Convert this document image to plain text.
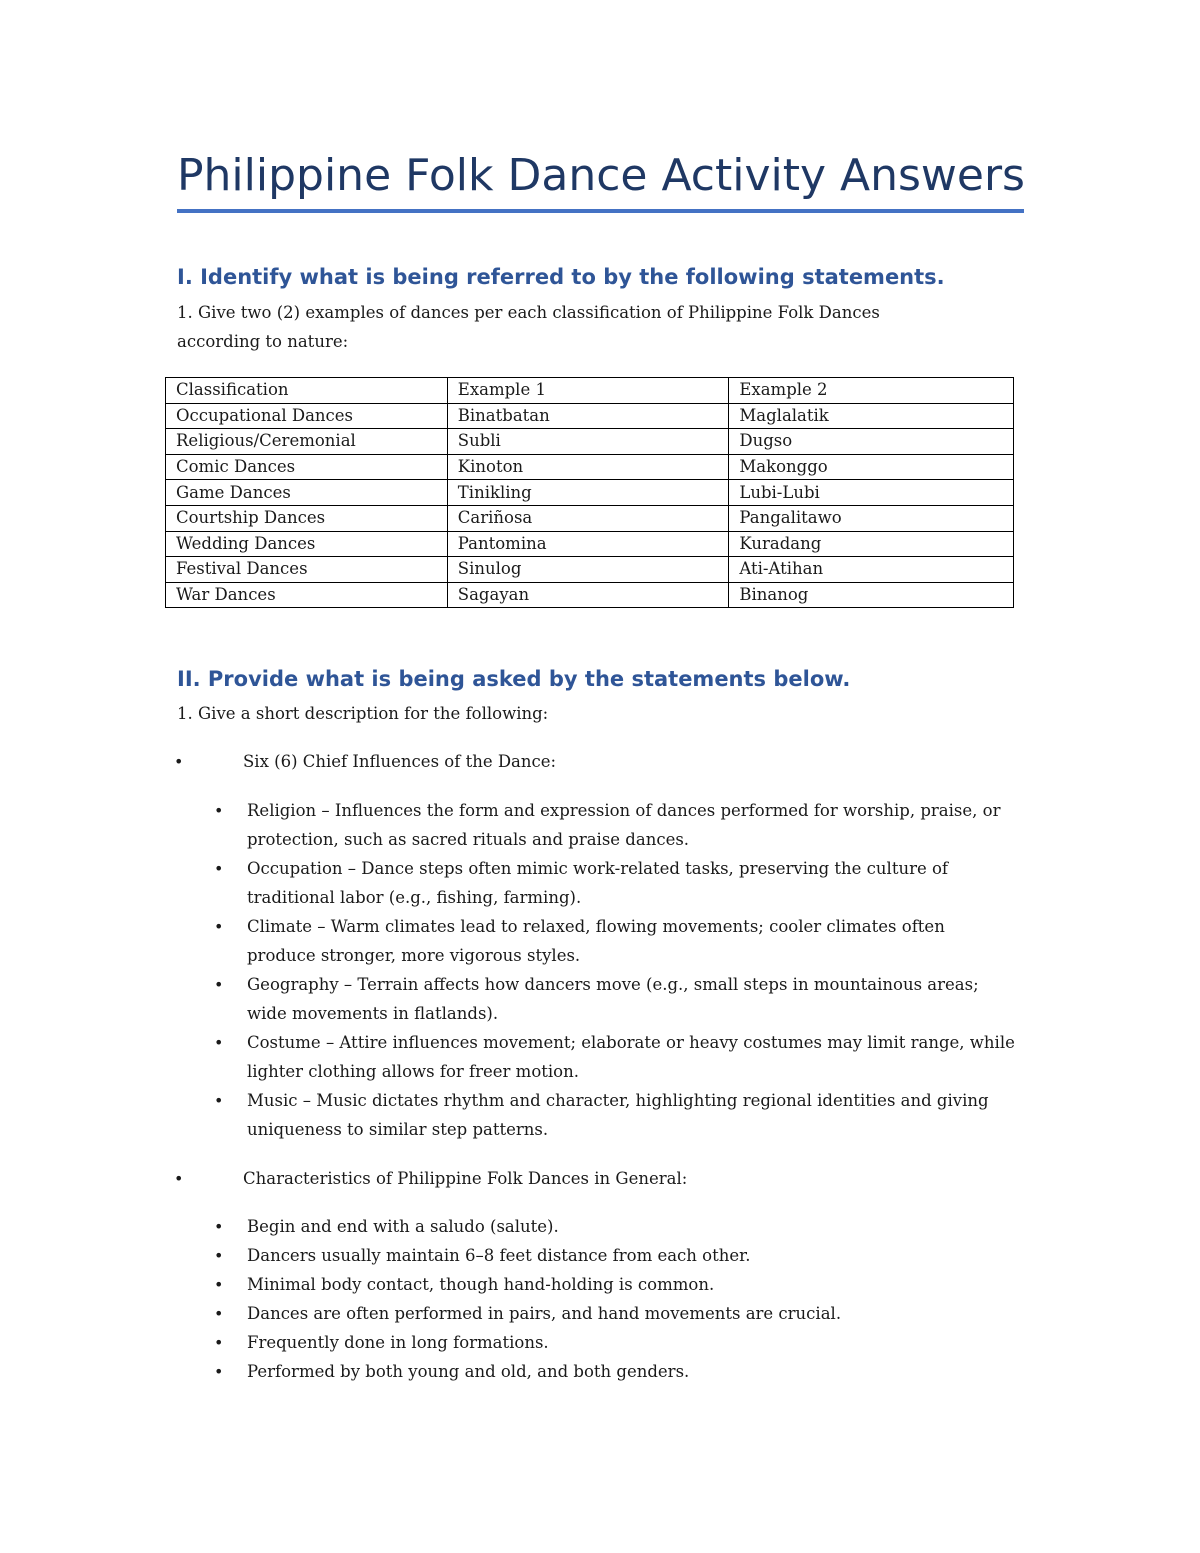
Philippine Folk Dance Activity Answers
I. Identify what is being referred to by the following statements.

1. Give two (2) examples of dances per each classification of Philippine Folk Dances according to nature:

Classification	Example 1	Example 2
Occupational Dances	Binatbatan	Maglalatik
Religious/Ceremonial	Subli	Dugso
Comic Dances	Kinoton	Makonggo
Game Dances	Tinikling	Lubi-Lubi
Courtship Dances	Cariñosa	Pangalitawo
Wedding Dances	Pantomina	Kuradang
Festival Dances	Sinulog	Ati-Atihan
War Dances	Sagayan	Binanog
II. Provide what is being asked by the statements below.

1. Give a short description for the following:

•	Six (6) Chief Influences of the Dance:
• Religion – Influences the form and expression of dances performed for worship, praise, or protection, such as sacred rituals and praise dances.

• Occupation – Dance steps often mimic work-related tasks, preserving the culture of traditional labor (e.g., fishing, farming).

• Climate – Warm climates lead to relaxed, flowing movements; cooler climates often produce stronger, more vigorous styles.

• Geography – Terrain affects how dancers move (e.g., small steps in mountainous areas; wide movements in flatlands).

• Costume – Attire influences movement; elaborate or heavy costumes may limit range, while lighter clothing allows for freer motion.

• Music – Music dictates rhythm and character, highlighting regional identities and giving uniqueness to similar step patterns.

•	Characteristics of Philippine Folk Dances in General:
• Begin and end with a saludo (salute).

• Dancers usually maintain 6–8 feet distance from each other.

• Minimal body contact, though hand-holding is common.

• Dances are often performed in pairs, and hand movements are crucial.

• Frequently done in long formations.

• Performed by both young and old, and both genders.
